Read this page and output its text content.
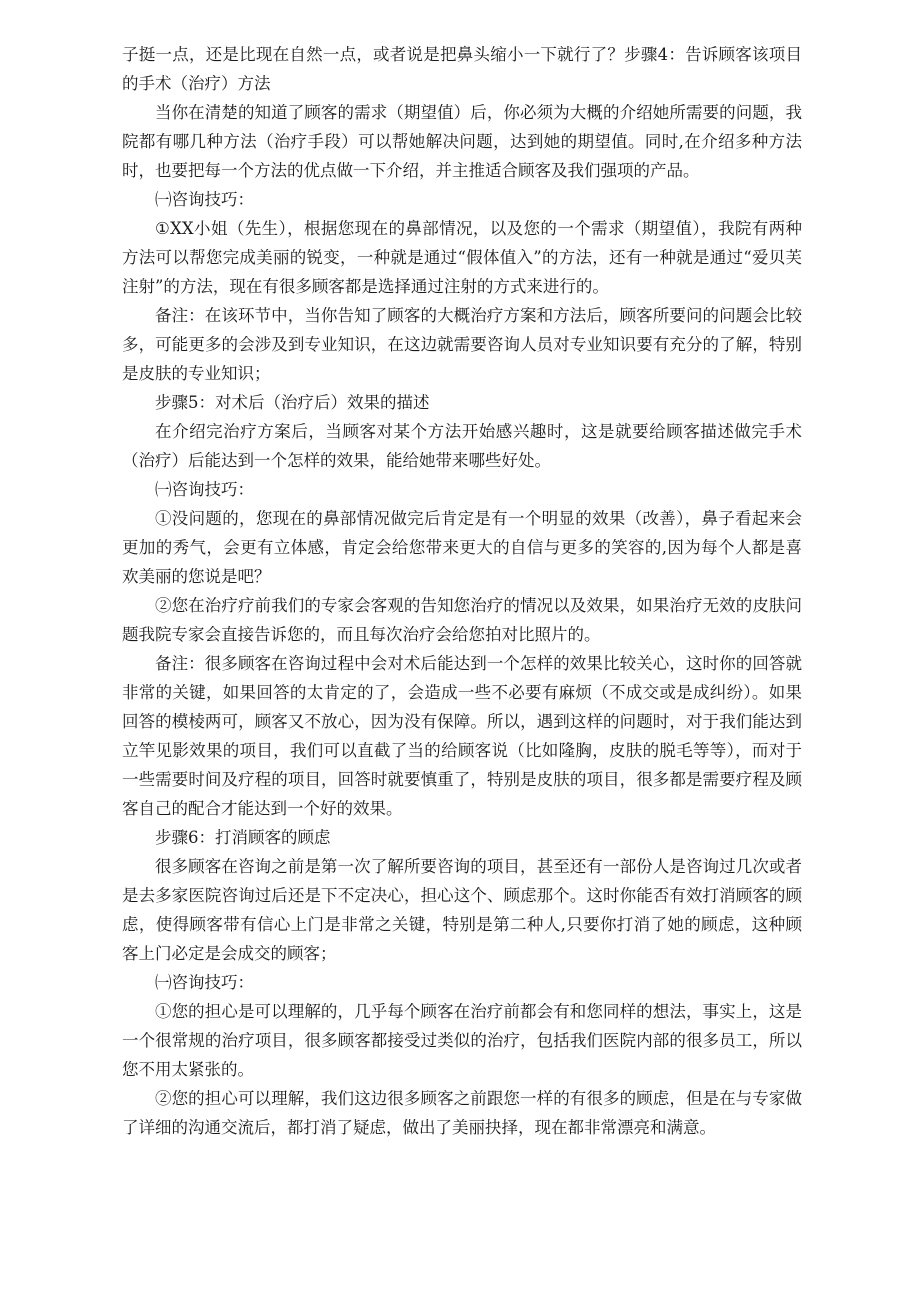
子挺一点，还是比现在自然一点，或者说是把鼻头缩小一下就行了？步骤4：告诉顾客该项目的手术（治疗）方法

当你在清楚的知道了顾客的需求（期望值）后，你必须为大概的介绍她所需要的问题，我院都有哪几种方法（治疗手段）可以帮她解决问题，达到她的期望值。同时,在介绍多种方法时，也要把每一个方法的优点做一下介绍，并主推适合顾客及我们强项的产品。

㈠咨询技巧：

①XX小姐（先生），根据您现在的鼻部情况，以及您的一个需求（期望值），我院有两种方法可以帮您完成美丽的锐变，一种就是通过“假体值入”的方法，还有一种就是通过“爱贝芙注射”的方法，现在有很多顾客都是选择通过注射的方式来进行的。

备注：在该环节中，当你告知了顾客的大概治疗方案和方法后，顾客所要问的问题会比较多，可能更多的会涉及到专业知识，在这边就需要咨询人员对专业知识要有充分的了解，特别是皮肤的专业知识；

步骤5：对术后（治疗后）效果的描述

在介绍完治疗方案后，当顾客对某个方法开始感兴趣时，这是就要给顾客描述做完手术（治疗）后能达到一个怎样的效果，能给她带来哪些好处。

㈠咨询技巧：

①没问题的，您现在的鼻部情况做完后肯定是有一个明显的效果（改善），鼻子看起来会更加的秀气，会更有立体感，肯定会给您带来更大的自信与更多的笑容的,因为每个人都是喜欢美丽的您说是吧？

②您在治疗疗前我们的专家会客观的告知您治疗的情况以及效果，如果治疗无效的皮肤问题我院专家会直接告诉您的，而且每次治疗会给您拍对比照片的。

备注：很多顾客在咨询过程中会对术后能达到一个怎样的效果比较关心，这时你的回答就非常的关键，如果回答的太肯定的了，会造成一些不必要有麻烦（不成交或是成纠纷）。如果回答的模棱两可，顾客又不放心，因为没有保障。所以，遇到这样的问题时，对于我们能达到立竿见影效果的项目，我们可以直截了当的给顾客说（比如隆胸，皮肤的脱毛等等），而对于一些需要时间及疗程的项目，回答时就要慎重了，特别是皮肤的项目，很多都是需要疗程及顾客自己的配合才能达到一个好的效果。

步骤6：打消顾客的顾虑

很多顾客在咨询之前是第一次了解所要咨询的项目，甚至还有一部份人是咨询过几次或者是去多家医院咨询过后还是下不定决心，担心这个、顾虑那个。这时你能否有效打消顾客的顾虑，使得顾客带有信心上门是非常之关键，特别是第二种人,只要你打消了她的顾虑，这种顾客上门必定是会成交的顾客；

㈠咨询技巧：

①您的担心是可以理解的，几乎每个顾客在治疗前都会有和您同样的想法，事实上，这是一个很常规的治疗项目，很多顾客都接受过类似的治疗，包括我们医院内部的很多员工，所以您不用太紧张的。

②您的担心可以理解，我们这边很多顾客之前跟您一样的有很多的顾虑，但是在与专家做了详细的沟通交流后，都打消了疑虑，做出了美丽抉择，现在都非常漂亮和满意。
